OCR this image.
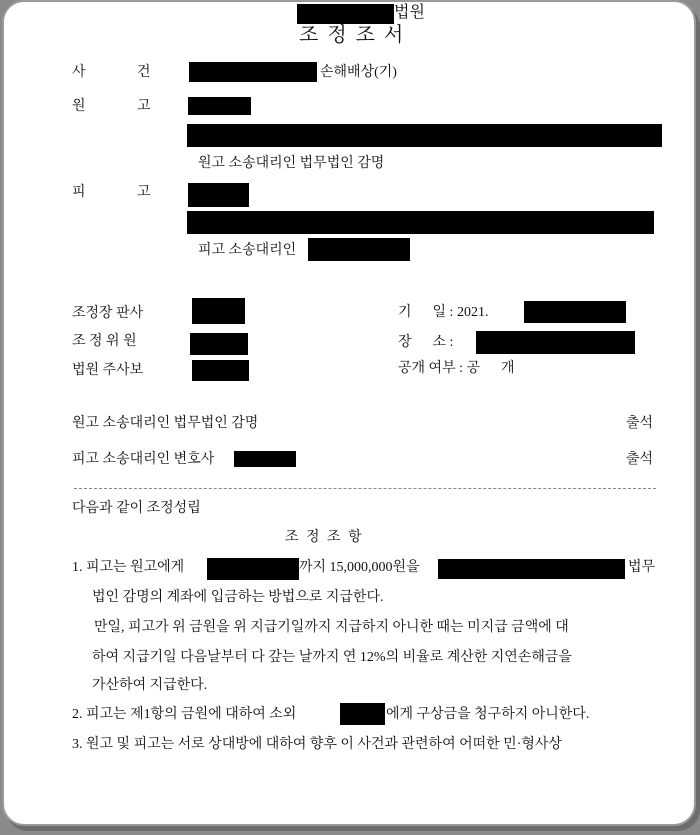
법원
조 정 조 서
사	건	손해배상(기)
원	고
원고 소송대리인 법무법인 감명
피	고
피고 소송대리인
조정장 판사
조 정 위 원
법원 주사보
기      일 : 2021.
장      소 :
공개 여부 : 공      개
원고 소송대리인 법무법인 감명	출석
피고 소송대리인 변호사	출석
다음과 같이 조정성립
조 정 조 항
1. 피고는 원고에게	까지 15,000,000원을	법무
법인 감명의 계좌에 입금하는 방법으로 지급한다.
만일, 피고가 위 금원을 위 지급기일까지 지급하지 아니한 때는 미지급 금액에 대
하여 지급기일 다음날부터 다 갚는 날까지 연 12%의 비율로 계산한 지연손해금을
가산하여 지급한다.
2. 피고는 제1항의 금원에 대하여 소외	에게 구상금을 청구하지 아니한다.
3. 원고 및 피고는 서로 상대방에 대하여 향후 이 사건과 관련하여 어떠한 민·형사상
